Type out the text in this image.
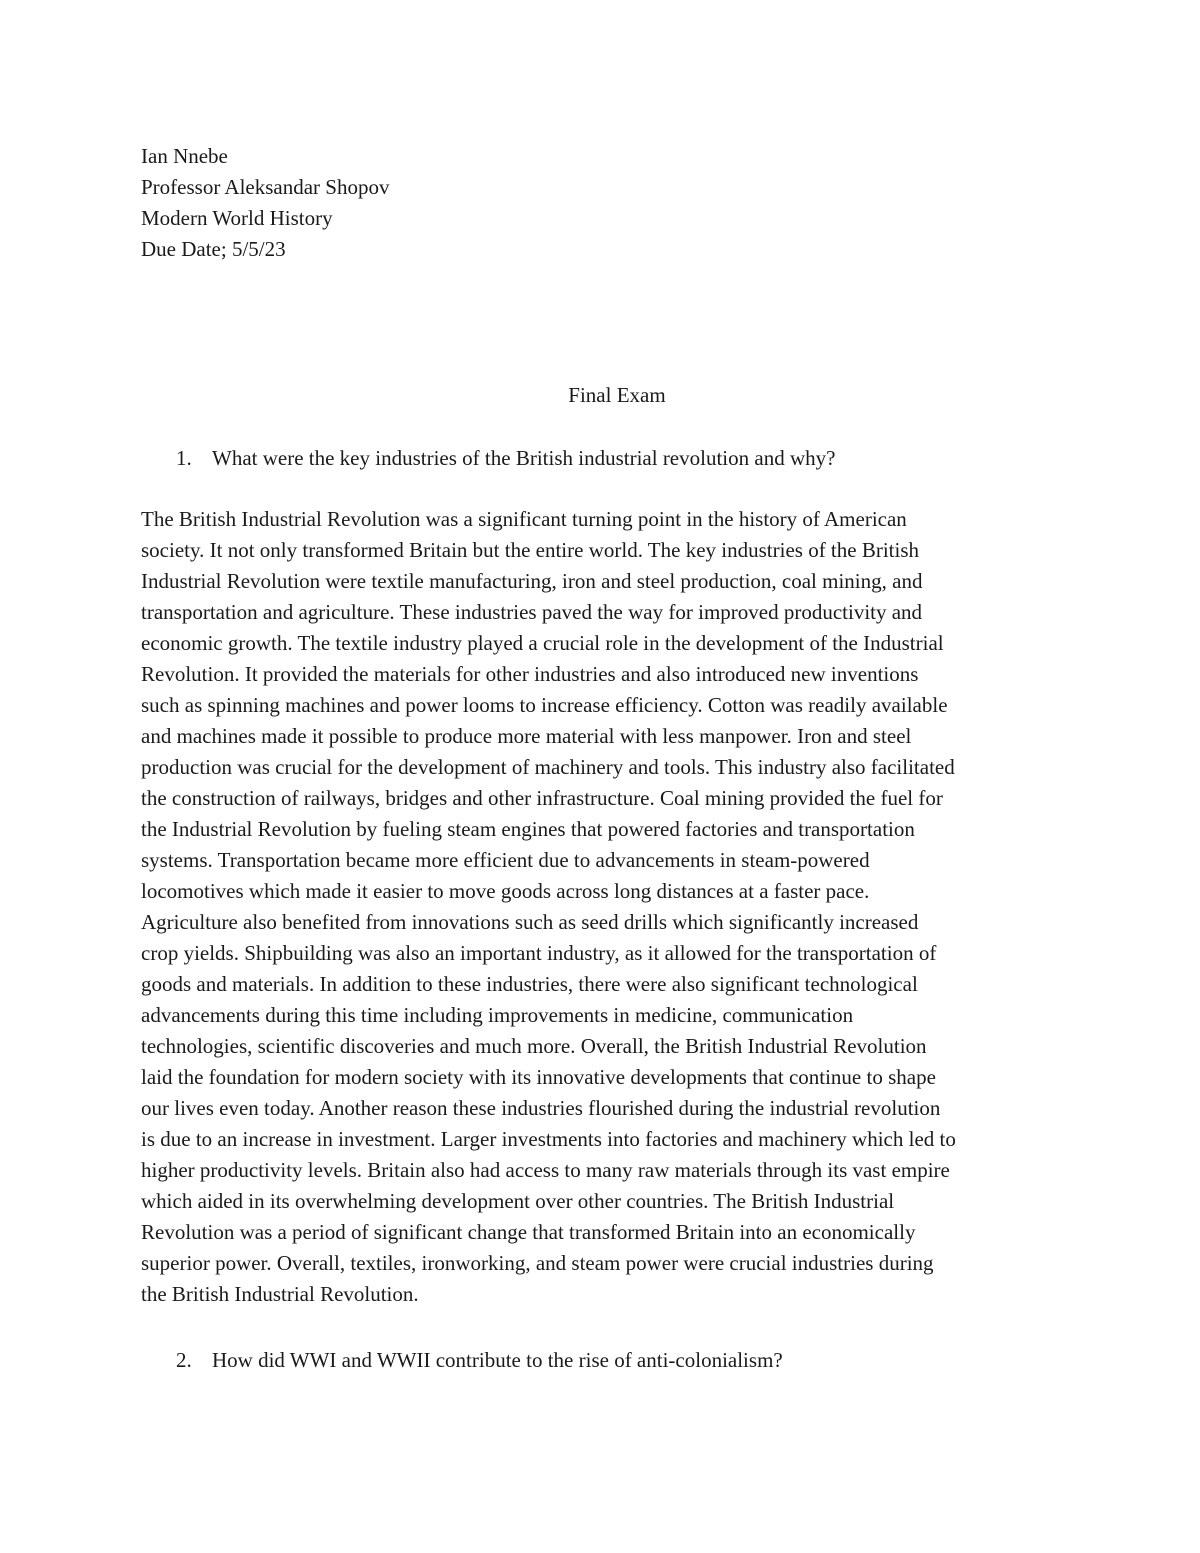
Ian Nnebe
Professor Aleksandar Shopov
Modern World History
Due Date; 5/5/23
Final Exam
1. What were the key industries of the British industrial revolution and why?
The British Industrial Revolution was a significant turning point in the history of American
society. It not only transformed Britain but the entire world. The key industries of the British
Industrial Revolution were textile manufacturing, iron and steel production, coal mining, and
transportation and agriculture. These industries paved the way for improved productivity and
economic growth. The textile industry played a crucial role in the development of the Industrial
Revolution. It provided the materials for other industries and also introduced new inventions
such as spinning machines and power looms to increase efficiency. Cotton was readily available
and machines made it possible to produce more material with less manpower. Iron and steel
production was crucial for the development of machinery and tools. This industry also facilitated
the construction of railways, bridges and other infrastructure. Coal mining provided the fuel for
the Industrial Revolution by fueling steam engines that powered factories and transportation
systems. Transportation became more efficient due to advancements in steam-powered
locomotives which made it easier to move goods across long distances at a faster pace.
Agriculture also benefited from innovations such as seed drills which significantly increased
crop yields. Shipbuilding was also an important industry, as it allowed for the transportation of
goods and materials. In addition to these industries, there were also significant technological
advancements during this time including improvements in medicine, communication
technologies, scientific discoveries and much more. Overall, the British Industrial Revolution
laid the foundation for modern society with its innovative developments that continue to shape
our lives even today. Another reason these industries flourished during the industrial revolution
is due to an increase in investment. Larger investments into factories and machinery which led to
higher productivity levels. Britain also had access to many raw materials through its vast empire
which aided in its overwhelming development over other countries. The British Industrial
Revolution was a period of significant change that transformed Britain into an economically
superior power. Overall, textiles, ironworking, and steam power were crucial industries during
the British Industrial Revolution.
2. How did WWI and WWII contribute to the rise of anti-colonialism?
